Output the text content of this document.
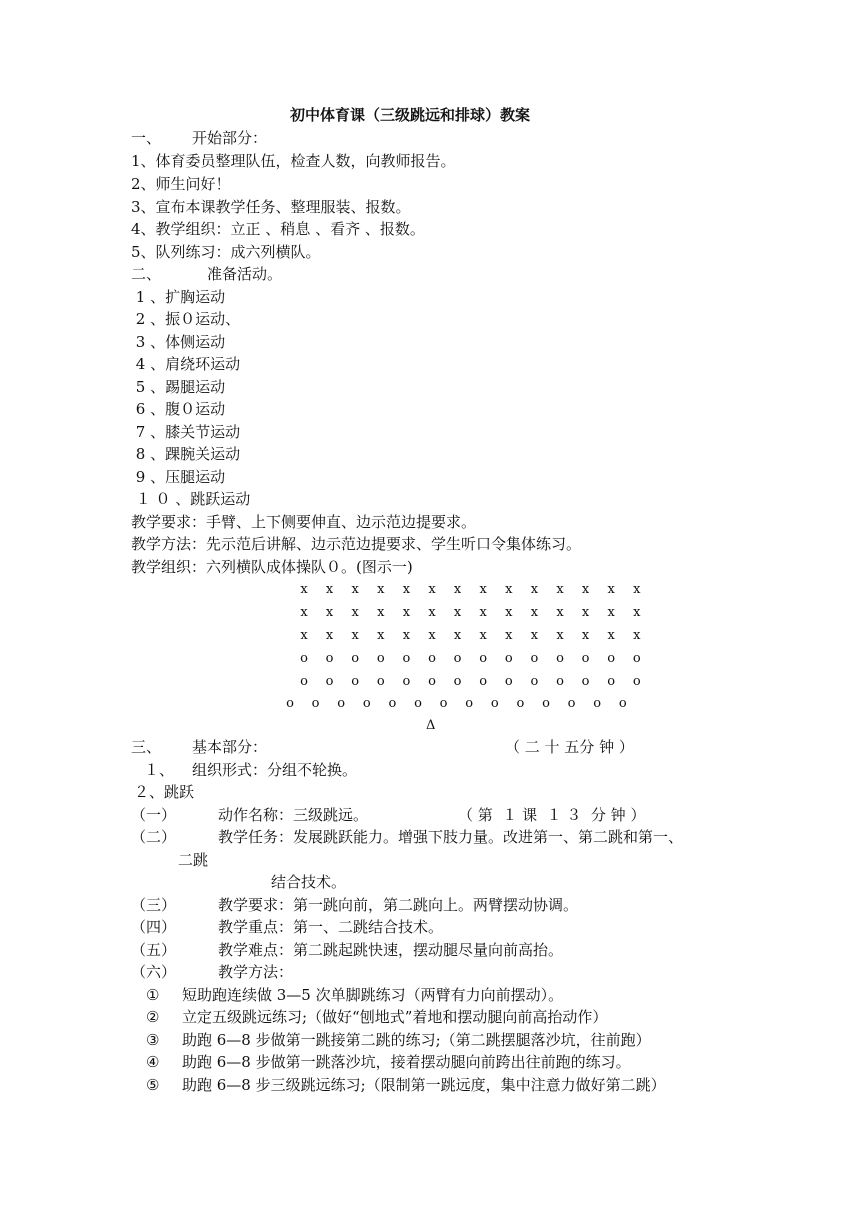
初中体育课（三级跳远和排球）教案
一、 开始部分：
1、体育委员整理队伍，检查人数，向教师报告。
2、师生问好！
3、宣布本课教学任务、整理服装、报数。
4、教学组织：立正 、稍息 、看齐 、报数。
5、队列练习：成六列横队。
二、	准备活动。
1 、扩胸运动
2 、振０运动、
3 、体侧运动
4 、肩绕环运动
5 、踢腿运动
6 、腹０运动
7 、膝关节运动
8 、踝腕关运动
9 、压腿运动
１ ０ 、跳跃运动
教学要求：手臂、上下侧要伸直、边示范边提要求。
教学方法：先示范后讲解、边示范边提要求、学生听口令集体练习。
教学组织：六列横队成体操队０。(图示一)
x x x x x x x x x x x x x x
x x x x x x x x x x x x x x
x x x x x x x x x x x x x x
o o o o o o o o o o o o o o
o o o o o o o o o o o o o o
o o o o o o o o o o o o o o
Δ
三、 基本部分：	（ 二 十 五分 钟 ）
１、 组织形式：分组不轮换。
２、跳跃
（一）	动作名称：三级跳远。	（ 第  １ 课  １ ３  分 钟 ）
（二）	教学任务：发展跳跃能力。增强下肢力量。改进第一、第二跳和第一、
二跳
结合技术。
（三）	教学要求：第一跳向前，第二跳向上。两臂摆动协调。
（四）	教学重点：第一、二跳结合技术。
（五）	教学难点：第二跳起跳快速，摆动腿尽量向前高抬。
（六）	教学方法：
① 短助跑连续做 3—5 次单脚跳练习（两臂有力向前摆动）。
② 立定五级跳远练习;（做好“刨地式”着地和摆动腿向前高抬动作）
③ 助跑 6—8 步做第一跳接第二跳的练习;（第二跳摆腿落沙坑，往前跑）
④ 助跑 6—8 步做第一跳落沙坑，接着摆动腿向前跨出往前跑的练习。
⑤ 助跑 6—8 步三级跳远练习;（限制第一跳远度，集中注意力做好第二跳）
